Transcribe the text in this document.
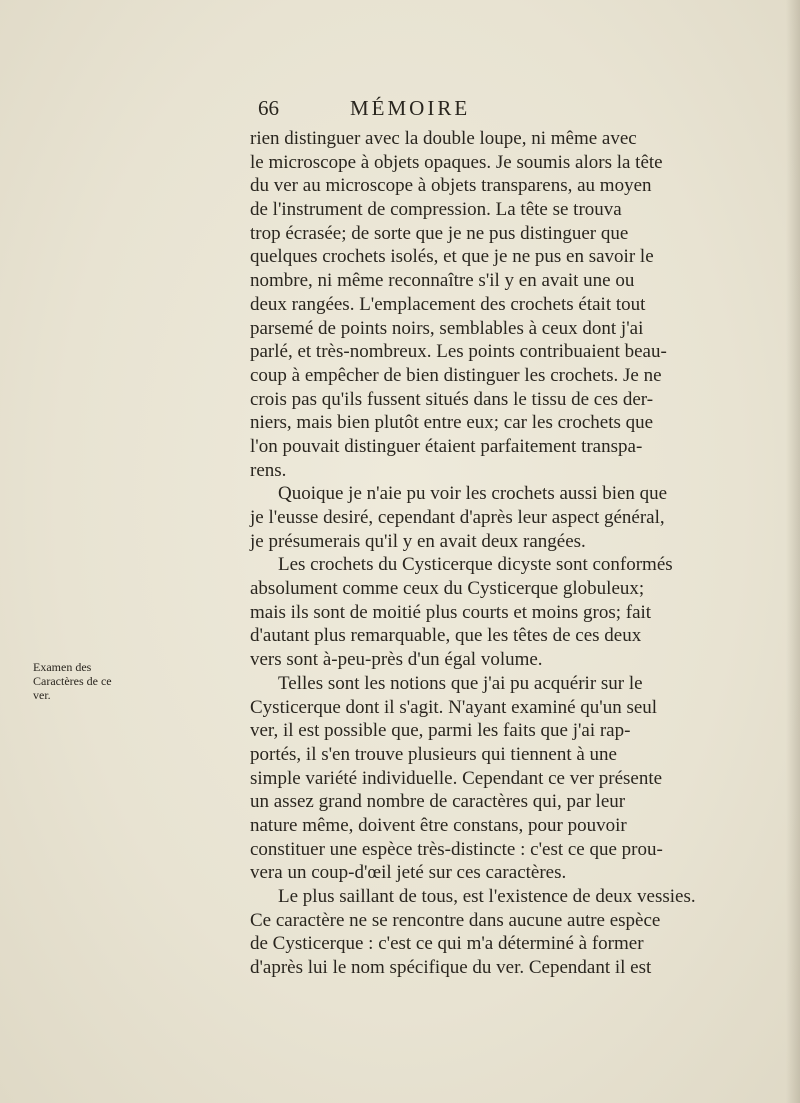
66	MÉMOIRE
Examen des
Caractères de ce
ver.
rien distinguer avec la double loupe, ni même avec
le microscope à objets opaques. Je soumis alors la tête
du ver au microscope à objets transparens, au moyen
de l'instrument de compression. La tête se trouva
trop écrasée; de sorte que je ne pus distinguer que
quelques crochets isolés, et que je ne pus en savoir le
nombre, ni même reconnaître s'il y en avait une ou
deux rangées. L'emplacement des crochets était tout
parsemé de points noirs, semblables à ceux dont j'ai
parlé, et très-nombreux. Les points contribuaient beau-
coup à empêcher de bien distinguer les crochets. Je ne
crois pas qu'ils fussent situés dans le tissu de ces der-
niers, mais bien plutôt entre eux; car les crochets que
l'on pouvait distinguer étaient parfaitement transpa-
rens.
Quoique je n'aie pu voir les crochets aussi bien que
je l'eusse desiré, cependant d'après leur aspect général,
je présumerais qu'il y en avait deux rangées.
Les crochets du Cysticerque dicyste sont conformés
absolument comme ceux du Cysticerque globuleux;
mais ils sont de moitié plus courts et moins gros; fait
d'autant plus remarquable, que les têtes de ces deux
vers sont à-peu-près d'un égal volume.
Telles sont les notions que j'ai pu acquérir sur le
Cysticerque dont il s'agit. N'ayant examiné qu'un seul
ver, il est possible que, parmi les faits que j'ai rap-
portés, il s'en trouve plusieurs qui tiennent à une
simple variété individuelle. Cependant ce ver présente
un assez grand nombre de caractères qui, par leur
nature même, doivent être constans, pour pouvoir
constituer une espèce très-distincte : c'est ce que prou-
vera un coup-d'œil jeté sur ces caractères.
Le plus saillant de tous, est l'existence de deux vessies.
Ce caractère ne se rencontre dans aucune autre espèce
de Cysticerque : c'est ce qui m'a déterminé à former
d'après lui le nom spécifique du ver. Cependant il est
